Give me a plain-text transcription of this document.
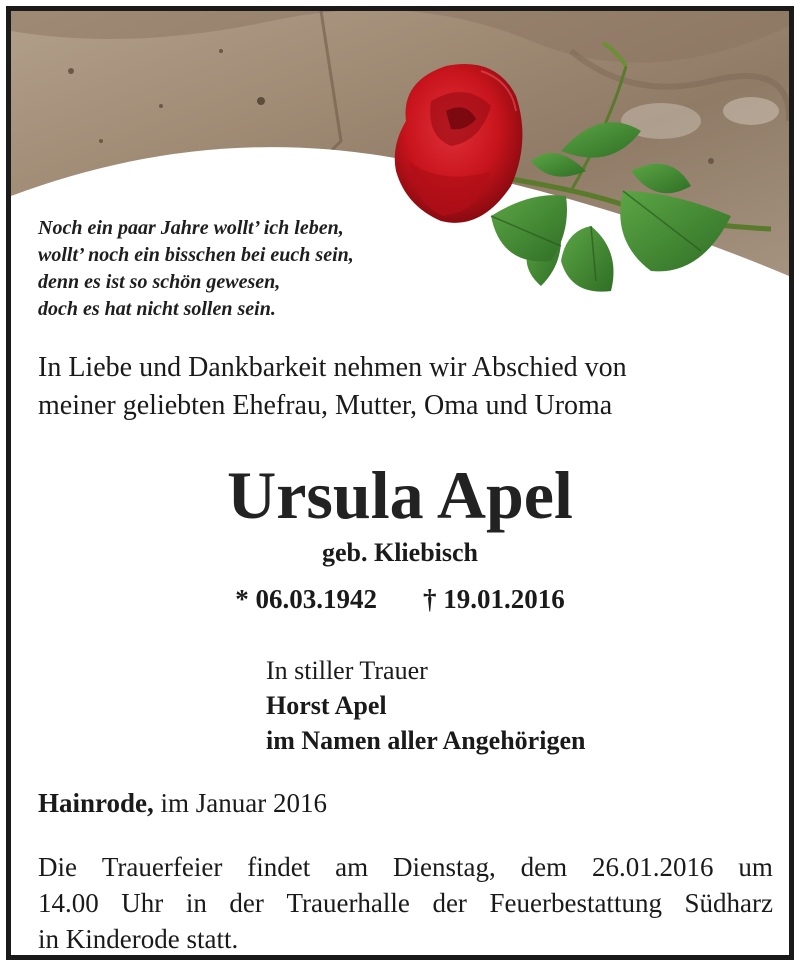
Noch ein paar Jahre wollt’ ich leben,
wollt’ noch ein bisschen bei euch sein,
denn es ist so schön gewesen,
doch es hat nicht sollen sein.
In Liebe und Dankbarkeit nehmen wir Abschied von
meiner geliebten Ehefrau, Mutter, Oma und Uroma
Ursula Apel
geb. Kliebisch
* 06.03.1942 † 19.01.2016
In stiller Trauer
Horst Apel
im Namen aller Angehörigen
Hainrode, im Januar 2016
Die Trauerfeier findet am Dienstag, dem 26.01.2016 um
14.00 Uhr in der Trauerhalle der Feuerbestattung Südharz
in Kinderode statt.
